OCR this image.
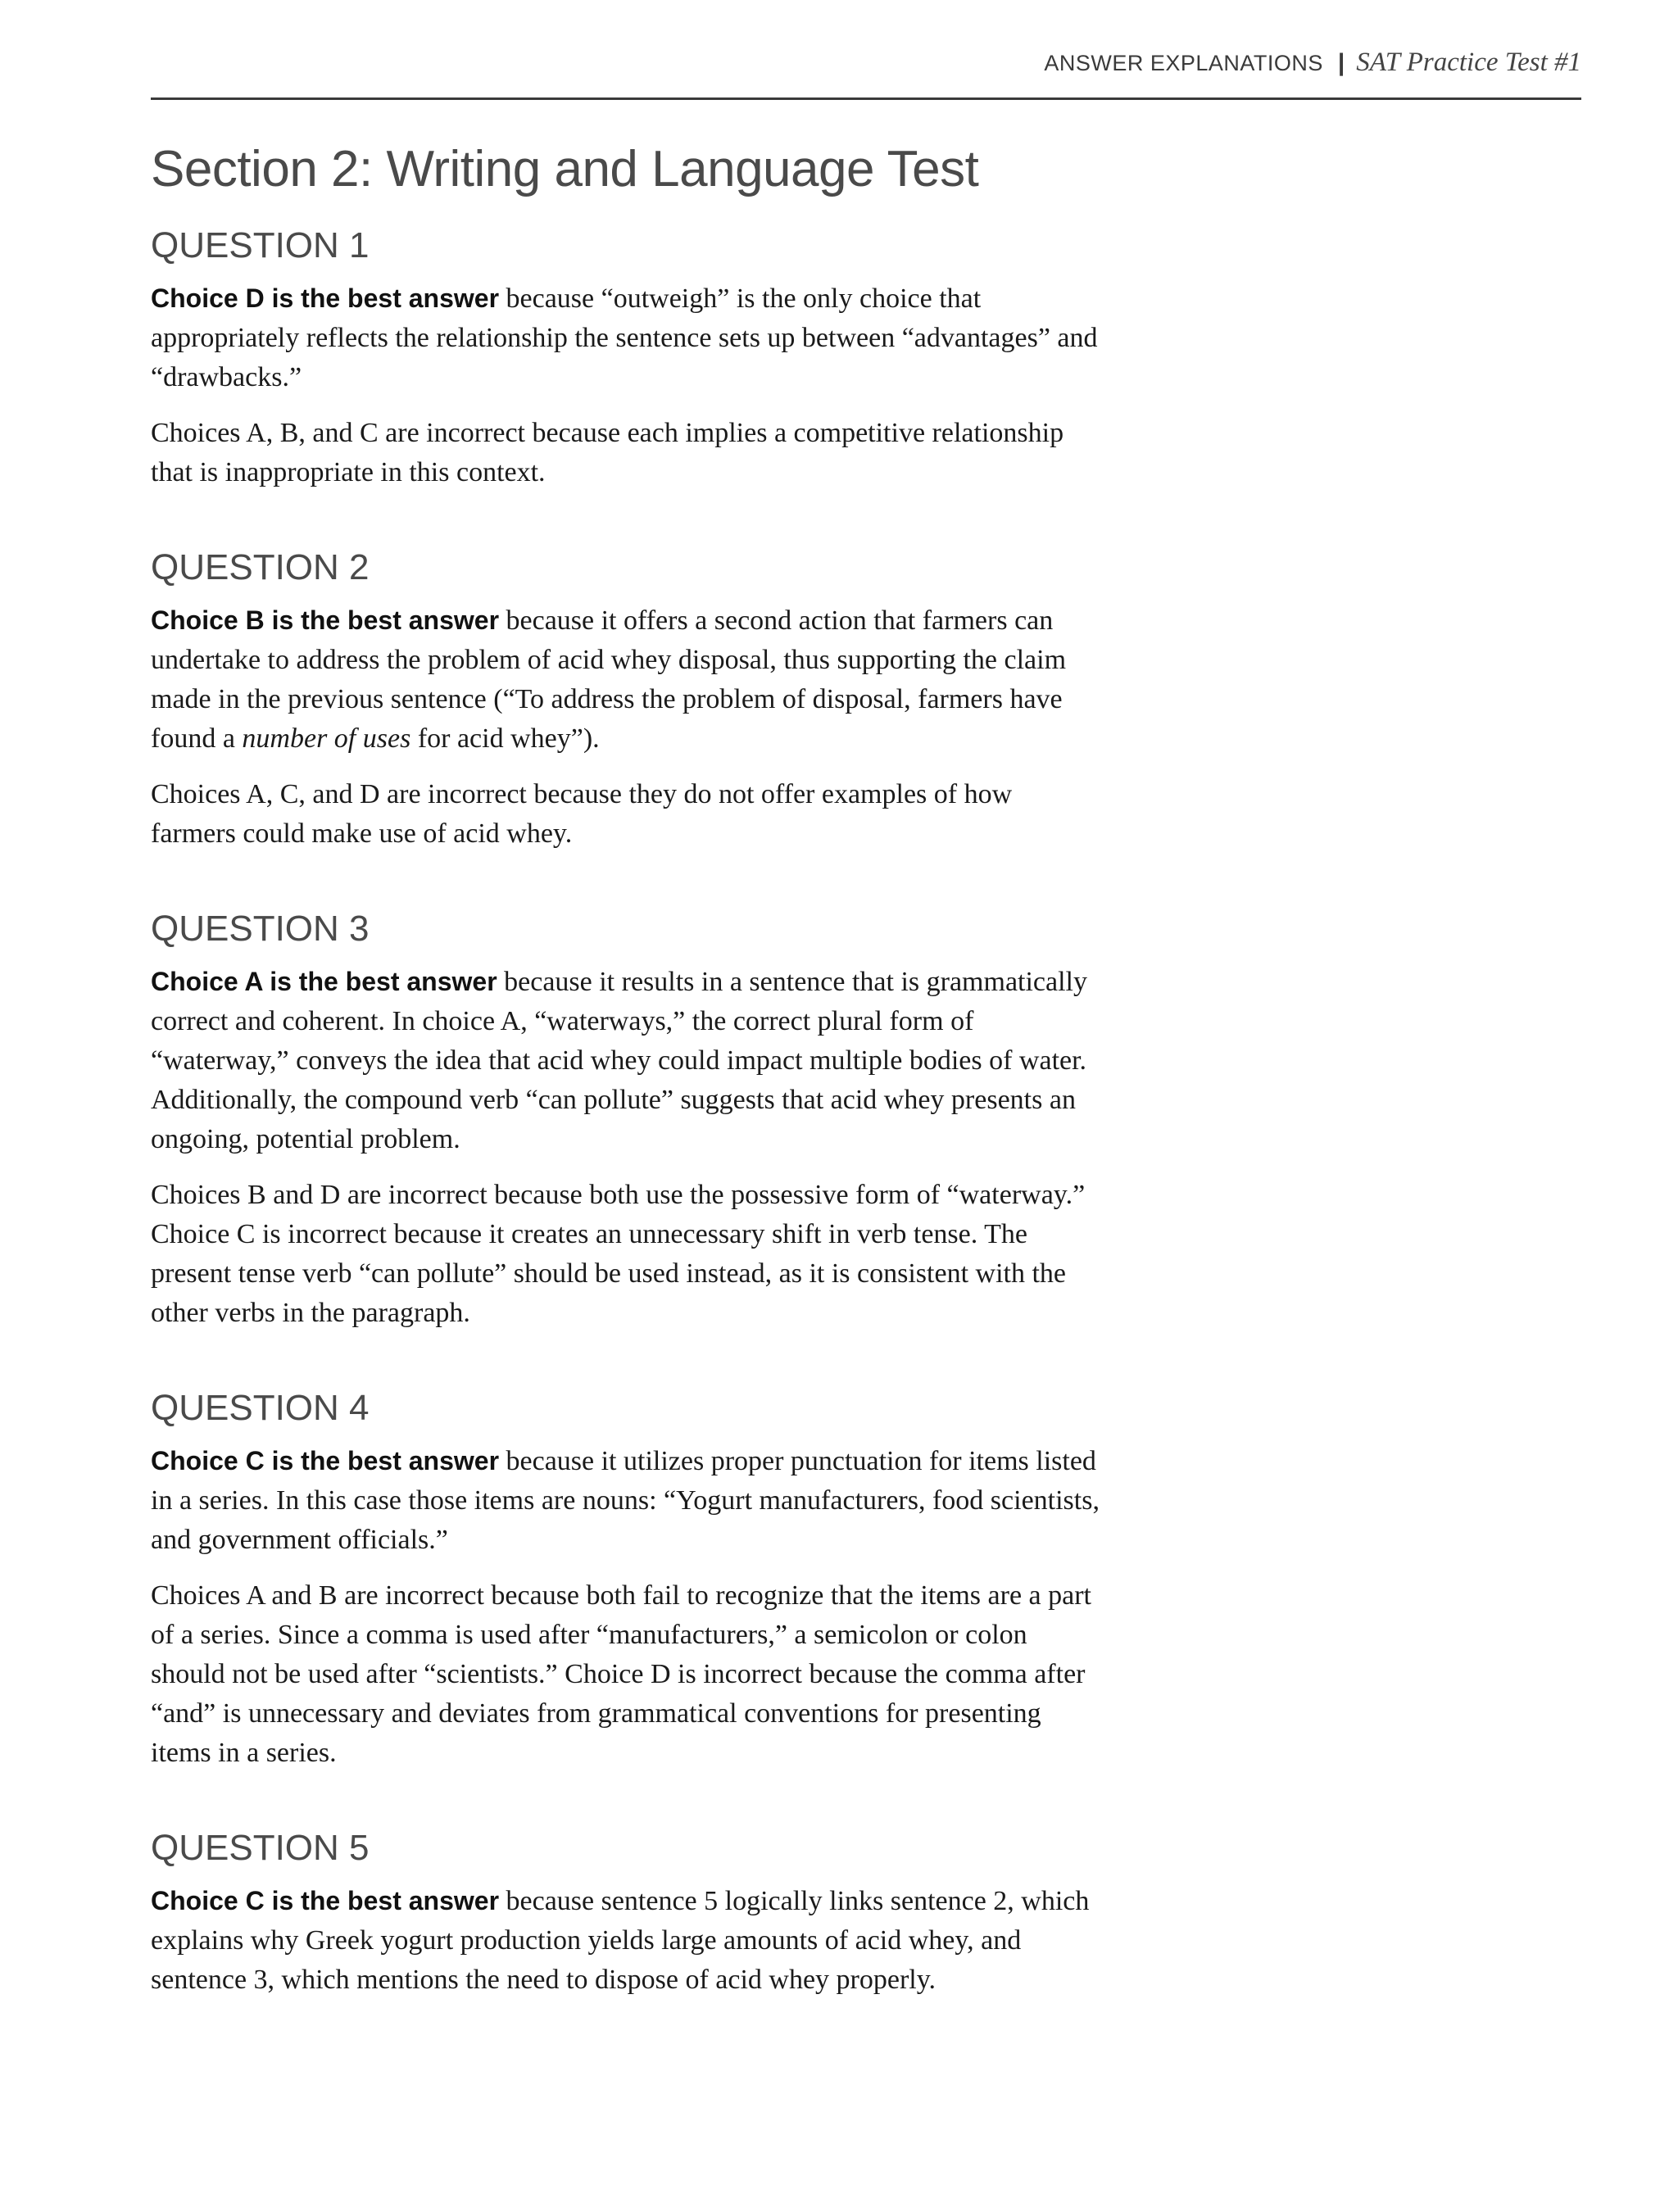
ANSWER EXPLANATIONS | SAT Practice Test #1
Section 2: Writing and Language Test
QUESTION 1

Choice D is the best answer because “outweigh” is the only choice that appropriately reflects the relationship the sentence sets up between “advantages” and “drawbacks.”

Choices A, B, and C are incorrect because each implies a competitive relationship that is inappropriate in this context.

QUESTION 2

Choice B is the best answer because it offers a second action that farmers can undertake to address the problem of acid whey disposal, thus supporting the claim made in the previous sentence (“To address the problem of disposal, farmers have found a number of uses for acid whey”).

Choices A, C, and D are incorrect because they do not offer examples of how farmers could make use of acid whey.

QUESTION 3

Choice A is the best answer because it results in a sentence that is grammatically correct and coherent. In choice A, “waterways,” the correct plural form of “waterway,” conveys the idea that acid whey could impact multiple bodies of water. Additionally, the compound verb “can pollute” suggests that acid whey presents an ongoing, potential problem.

Choices B and D are incorrect because both use the possessive form of “waterway.” Choice C is incorrect because it creates an unnecessary shift in verb tense. The present tense verb “can pollute” should be used instead, as it is consistent with the other verbs in the paragraph.

QUESTION 4

Choice C is the best answer because it utilizes proper punctuation for items listed in a series. In this case those items are nouns: “Yogurt manufacturers, food scientists, and government officials.”

Choices A and B are incorrect because both fail to recognize that the items are a part of a series. Since a comma is used after “manufacturers,” a semicolon or colon should not be used after “scientists.” Choice D is incorrect because the comma after “and” is unnecessary and deviates from grammatical conventions for presenting items in a series.

QUESTION 5

Choice C is the best answer because sentence 5 logically links sentence 2, which explains why Greek yogurt production yields large amounts of acid whey, and sentence 3, which mentions the need to dispose of acid whey properly.
